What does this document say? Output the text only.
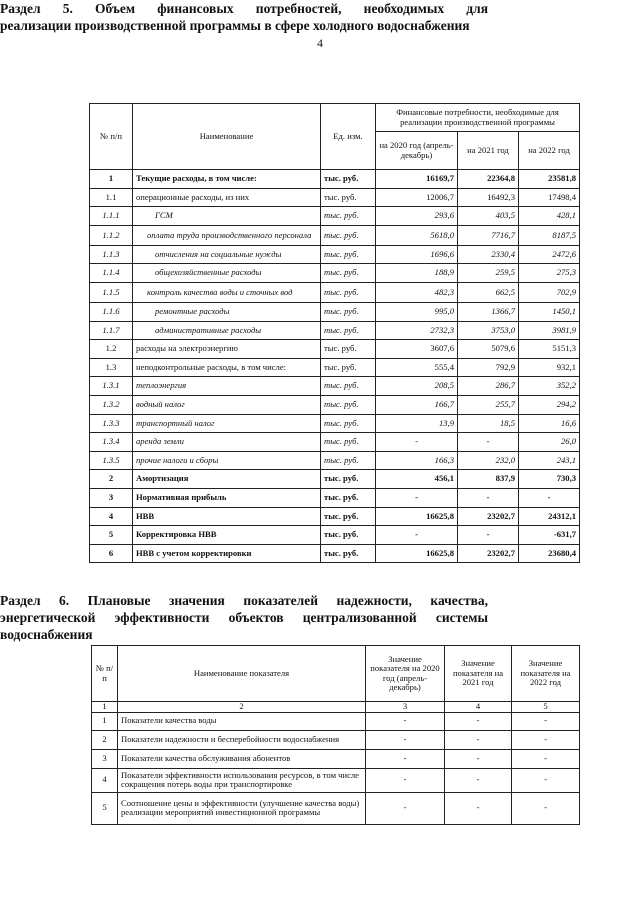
4
Раздел 5. Объем финансовых потребностей, необходимых для
реализации производственной программы в сфере холодного водоснабжения
№ п/п	Наименование	Ед. изм.	Финансовые потребности, необходимые для реализации производственной программы		
			на 2020 год (апрель-декабрь)	на 2021 год	на 2022 год
1	Текущие расходы, в том числе:	тыс. руб.	16169,7	22364,8	23581,8
1.1	операционные расходы, из них	тыс. руб.	12006,7	16492,3	17498,4
1.1.1	ГСМ	тыс. руб.	293,6	403,5	428,1
1.1.2	оплата труда производственного персонала	тыс. руб.	5618,0	7716,7	8187,5
1.1.3	отчисления на социальные нужды	тыс. руб.	1696,6	2330,4	2472,6
1.1.4	общехозяйственные расходы	тыс. руб.	188,9	259,5	275,3
1.1.5	контроль качества воды и сточных вод	тыс. руб.	482,3	662,5	702,9
1.1.6	ремонтные расходы	тыс. руб.	995,0	1366,7	1450,1
1.1.7	административные расходы	тыс. руб.	2732,3	3753,0	3981,9
1.2	расходы на электроэнергию	тыс. руб.	3607,6	5079,6	5151,3
1.3	неподконтрольные расходы, в том числе:	тыс. руб.	555,4	792,9	932,1
1.3.1	теплоэнергия	тыс. руб.	208,5	286,7	352,2
1.3.2	водный налог	тыс. руб.	166,7	255,7	294,2
1.3.3	транспортный налог	тыс. руб.	13,9	18,5	16,6
1.3.4	аренда земли	тыс. руб.	-	-	26,0
1.3.5	прочие налоги и сборы	тыс. руб.	166,3	232,0	243,1
2	Амортизация	тыс. руб.	456,1	837,9	730,3
3	Нормативная прибыль	тыс. руб.	-	-	-
4	НВВ	тыс. руб.	16625,8	23202,7	24312,1
5	Корректировка НВВ	тыс. руб.	-	-	-631,7
6	НВВ с учетом корректировки	тыс. руб.	16625,8	23202,7	23680,4
Раздел 6. Плановые значения показателей надежности, качества,
энергетической эффективности объектов централизованной системы
водоснабжения
№ п/п	Наименование показателя	Значение показателя на 2020 год (апрель-декабрь)	Значение показателя на 2021 год	Значение показателя на 2022 год
1	2	3	4	5
1	Показатели качества воды	-	-	-
2	Показатели надежности и бесперебойности водоснабжения	-	-	-
3	Показатели качества обслуживания абонентов	-	-	-
4	Показатели эффективности использования ресурсов, в том числе сокращения потерь воды при транспортировке	-	-	-
5	Соотношение цены и эффективности (улучшение качества воды) реализации мероприятий инвестиционной программы	-	-	-
